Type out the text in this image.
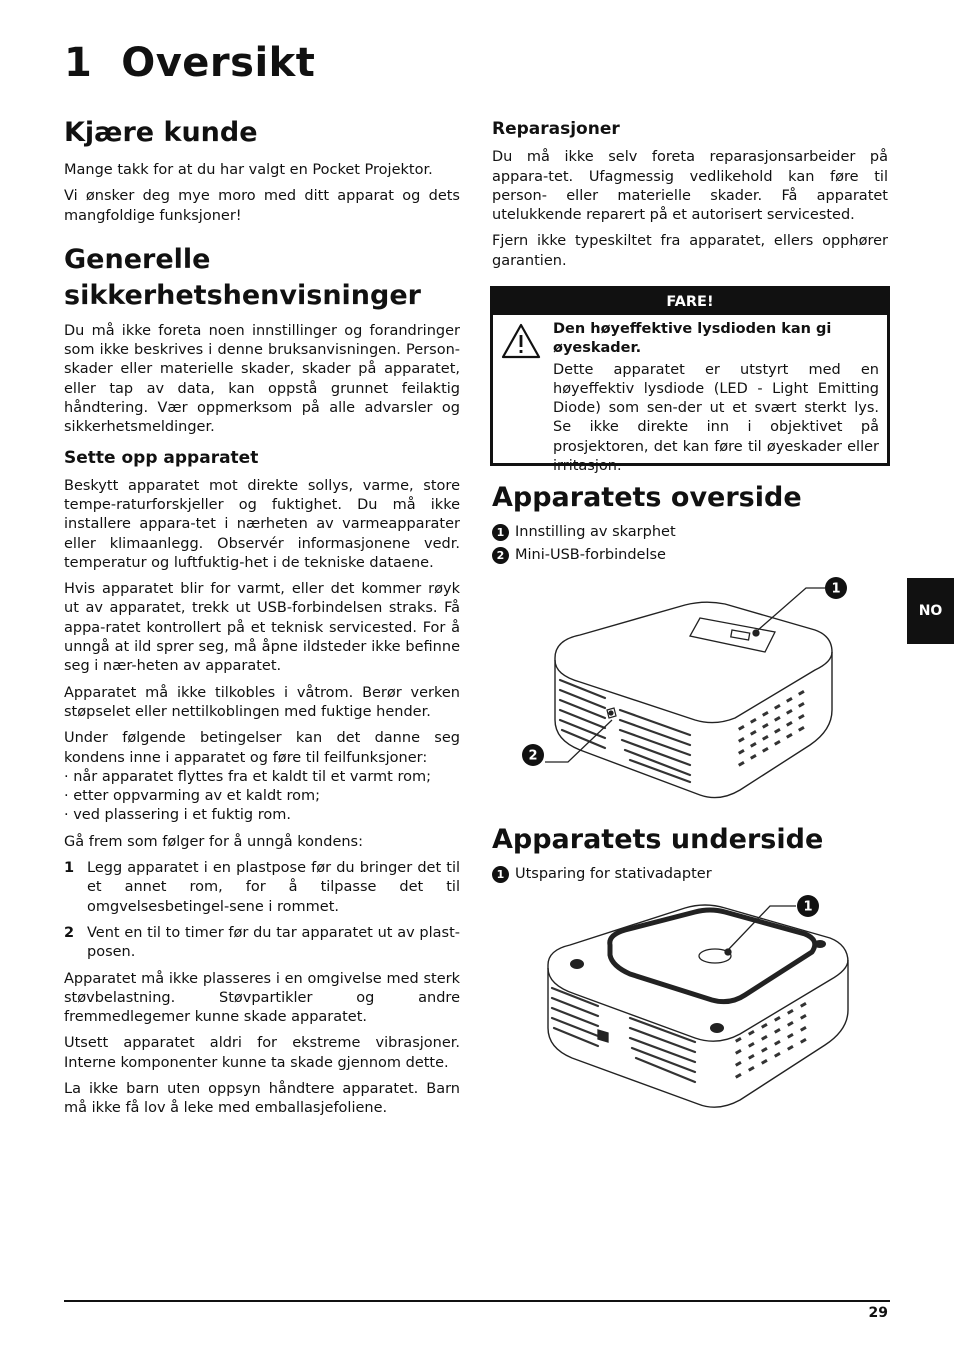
1 Oversikt
Kjære kunde

Mange takk for at du har valgt en Pocket Projektor.

Vi ønsker deg mye moro med ditt apparat og dets mangfoldige funksjoner!

Generelle
sikkerhetshenvisninger

Du må ikke foreta noen innstillinger og forandringer som ikke beskrives i denne bruksanvisningen. Person-skader eller materielle skader, skader på apparatet, eller tap av data, kan oppstå grunnet feilaktig håndtering. Vær oppmerksom på alle advarsler og sikkerhetsmeldinger.

Sette opp apparatet

Beskytt apparatet mot direkte sollys, varme, store tempe-raturforskjeller og fuktighet. Du må ikke installere appara-tet i nærheten av varmeapparater eller klimaanlegg. Observér informasjonene vedr. temperatur og luftfuktig-het i de tekniske dataene.

Hvis apparatet blir for varmt, eller det kommer røyk ut av apparatet, trekk ut USB-forbindelsen straks. Få appa-ratet kontrollert på et teknisk servicested. For å unngå at ild sprer seg, må åpne ildsteder ikke befinne seg i nær-heten av apparatet.

Apparatet må ikke tilkobles i våtrom. Berør verken støpselet eller nettilkoblingen med fuktige hender.

Under følgende betingelser kan det danne seg kondens inne i apparatet og føre til feilfunksjoner:

· når apparatet flyttes fra et kaldt til et varmt rom;
· etter oppvarming av et kaldt rom;
· ved plassering i et fuktig rom.

Gå frem som følger for å unngå kondens:

1 Legg apparatet i en plastpose før du bringer det til et annet rom, for å tilpasse det til omgvelsesbetingel-sene i rommet.
2 Vent en til to timer før du tar apparatet ut av plast-posen.

Apparatet må ikke plasseres i en omgivelse med sterk støvbelastning. Støvpartikler og andre fremmedlegemer kunne skade apparatet.

Utsett apparatet aldri for ekstreme vibrasjoner. Interne komponenter kunne ta skade gjennom dette.

La ikke barn uten oppsyn håndtere apparatet. Barn må ikke få lov å leke med emballasjefoliene.

Reparasjoner

Du må ikke selv foreta reparasjonsarbeider på appara-tet. Ufagmessig vedlikehold kan føre til person- eller materielle skader. Få apparatet utelukkende reparert på et autorisert servicested.

Fjern ikke typeskiltet fra apparatet, ellers opphører garantien.

FARE!

Den høyeffektive lysdioden kan gi øyeskader.

Dette apparatet er utstyrt med en høyeffektiv lysdiode (LED - Light Emitting Diode) som sen-der ut et svært sterkt lys. Se ikke direkte inn i objektivet på prosjektoren, det kan føre til øyeskader eller irritasjon.

Apparatets overside
1 Innstilling av skarphet
2 Mini-USB-forbindelse
1
2
Apparatets underside
1 Utsparing for stativadapter
1
NO
29
